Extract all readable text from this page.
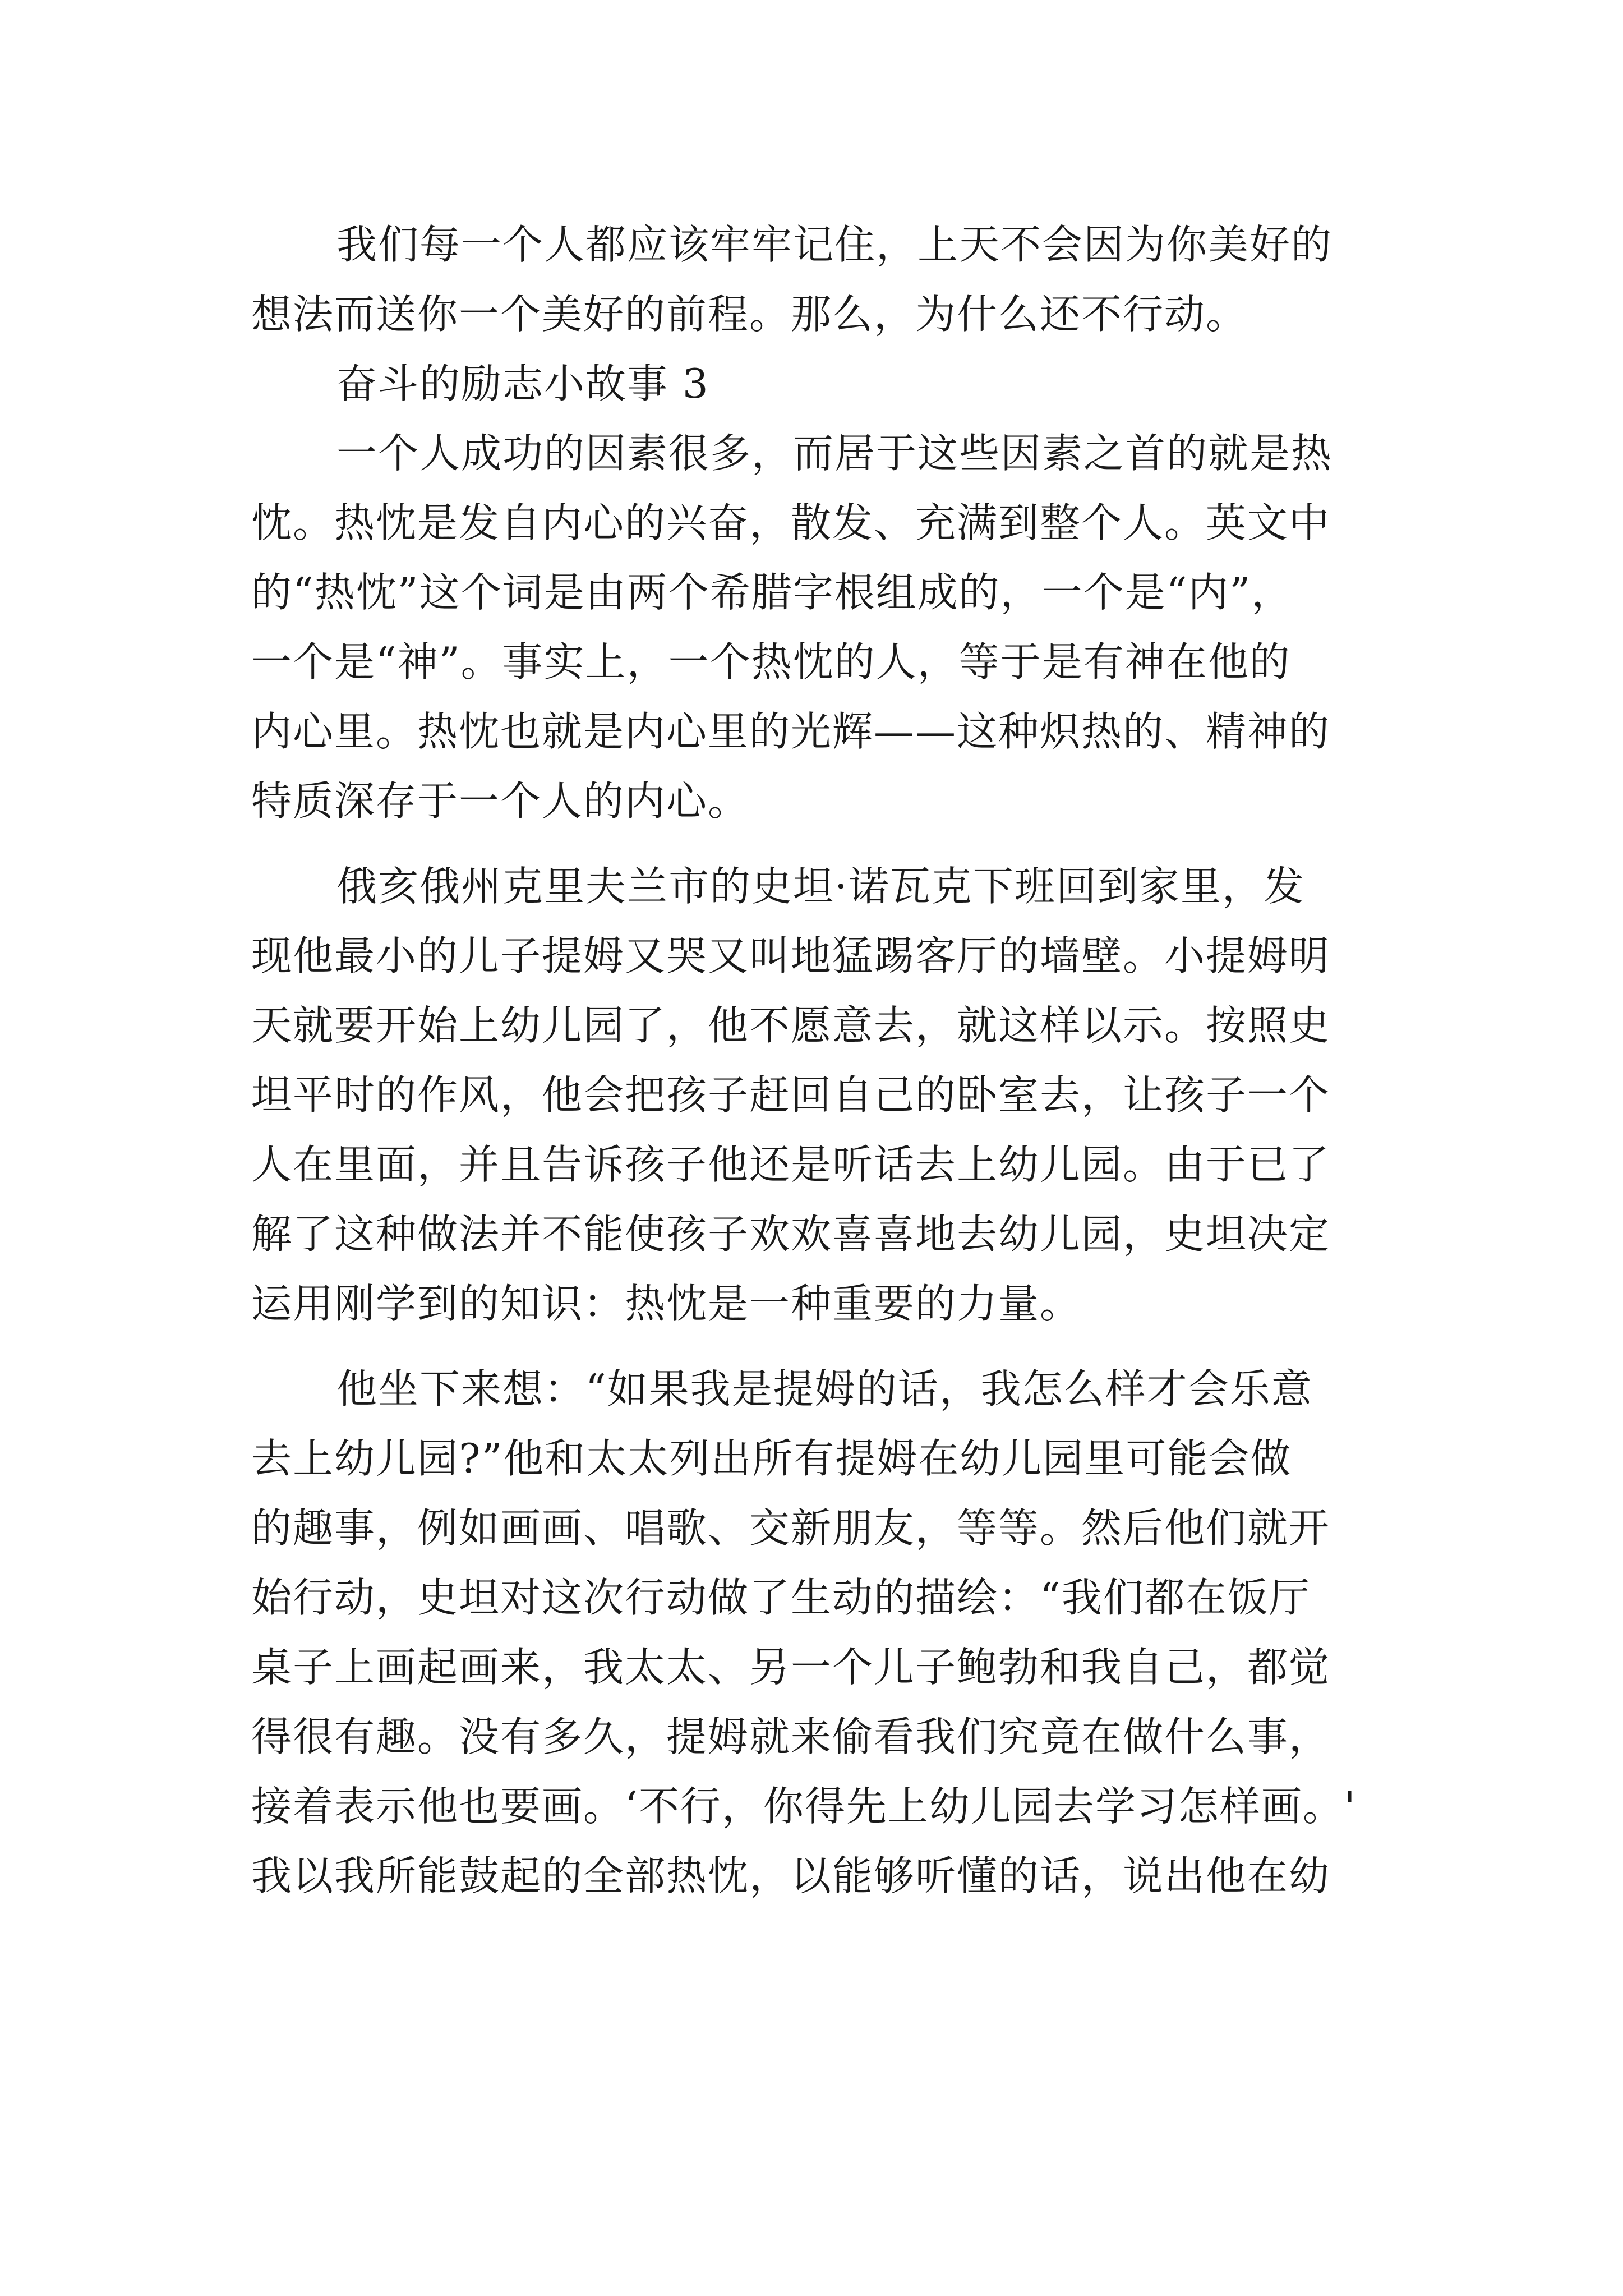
我们每一个人都应该牢牢记住，上天不会因为你美好的
想法而送你一个美好的前程。那么，为什么还不行动。
奋斗的励志小故事 3
一个人成功的因素很多，而居于这些因素之首的就是热
忱。热忱是发自内心的兴奋，散发、充满到整个人。英文中
的“热忱”这个词是由两个希腊字根组成的，一个是“内”，
一个是“神”。事实上，一个热忱的人，等于是有神在他的
内心里。热忱也就是内心里的光辉——这种炽热的、精神的
特质深存于一个人的内心。
俄亥俄州克里夫兰市的史坦·诺瓦克下班回到家里，发
现他最小的儿子提姆又哭又叫地猛踢客厅的墙壁。小提姆明
天就要开始上幼儿园了，他不愿意去，就这样以示。按照史
坦平时的作风，他会把孩子赶回自己的卧室去，让孩子一个
人在里面，并且告诉孩子他还是听话去上幼儿园。由于已了
解了这种做法并不能使孩子欢欢喜喜地去幼儿园，史坦决定
运用刚学到的知识：热忱是一种重要的力量。
他坐下来想：“如果我是提姆的话，我怎么样才会乐意
去上幼儿园?”他和太太列出所有提姆在幼儿园里可能会做
的趣事，例如画画、唱歌、交新朋友，等等。然后他们就开
始行动，史坦对这次行动做了生动的描绘：“我们都在饭厅
桌子上画起画来，我太太、另一个儿子鲍勃和我自己，都觉
得很有趣。没有多久，提姆就来偷看我们究竟在做什么事，
接着表示他也要画。‘不行，你得先上幼儿园去学习怎样画。'
我以我所能鼓起的全部热忱，以能够听懂的话，说出他在幼
